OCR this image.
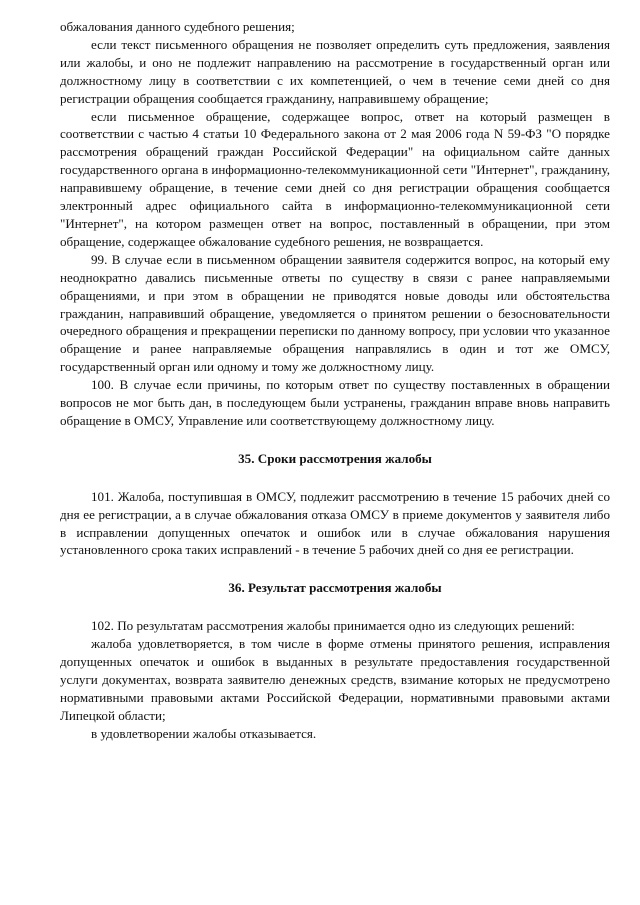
обжалования данного судебного решения;

если текст письменного обращения не позволяет определить суть предложения, заявления или жалобы, и оно не подлежит направлению на рассмотрение в государственный орган или должностному лицу в соответствии с их компетенцией, о чем в течение семи дней со дня регистрации обращения сообщается гражданину, направившему обращение;

если письменное обращение, содержащее вопрос, ответ на который размещен в соответствии с частью 4 статьи 10 Федерального закона от 2 мая 2006 года N 59-ФЗ "О порядке рассмотрения обращений граждан Российской Федерации" на официальном сайте данных государственного органа в информационно-телекоммуникационной сети "Интернет", гражданину, направившему обращение, в течение семи дней со дня регистрации обращения сообщается электронный адрес официального сайта в информационно-телекоммуникационной сети "Интернет", на котором размещен ответ на вопрос, поставленный в обращении, при этом обращение, содержащее обжалование судебного решения, не возвращается.

99. В случае если в письменном обращении заявителя содержится вопрос, на который ему неоднократно давались письменные ответы по существу в связи с ранее направляемыми обращениями, и при этом в обращении не приводятся новые доводы или обстоятельства гражданин, направивший обращение, уведомляется о принятом решении о безосновательности очередного обращения и прекращении переписки по данному вопросу, при условии что указанное обращение и ранее направляемые обращения направлялись в один и тот же ОМСУ, государственный орган или одному и тому же должностному лицу.

100. В случае если причины, по которым ответ по существу поставленных в обращении вопросов не мог быть дан, в последующем были устранены, гражданин вправе вновь направить обращение в ОМСУ, Управление или соответствующему должностному лицу.

35. Сроки рассмотрения жалобы

101. Жалоба, поступившая в ОМСУ, подлежит рассмотрению в течение 15 рабочих дней со дня ее регистрации, а в случае обжалования отказа ОМСУ в приеме документов у заявителя либо в исправлении допущенных опечаток и ошибок или в случае обжалования нарушения установленного срока таких исправлений - в течение 5 рабочих дней со дня ее регистрации.

36. Результат рассмотрения жалобы

102. По результатам рассмотрения жалобы принимается одно из следующих решений:

жалоба удовлетворяется, в том числе в форме отмены принятого решения, исправления допущенных опечаток и ошибок в выданных в результате предоставления государственной услуги документах, возврата заявителю денежных средств, взимание которых не предусмотрено нормативными правовыми актами Российской Федерации, нормативными правовыми актами Липецкой области;

в удовлетворении жалобы отказывается.
